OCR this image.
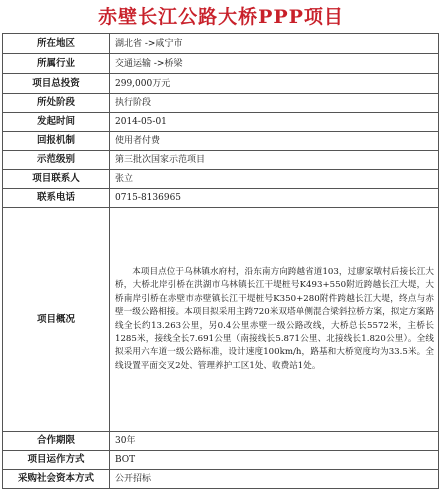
赤壁长江公路大桥PPP项目
所在地区	湖北省 ->咸宁市
所属行业	交通运输 ->桥梁
项目总投资	299,000万元
所处阶段	执行阶段
发起时间	2014-05-01
回报机制	使用者付费
示范级别	第三批次国家示范项目
项目联系人	张立
联系电话	0715-8136965
项目概况	本项目点位于乌林镇水府村，沿东南方向跨越省道103，过廖家墩村后接长江大桥，大桥北岸引桥在洪湖市乌林镇长江干堤桩号K493+550附近跨越长江大堤，大桥南岸引桥在赤壁市赤壁镇长江干堤桩号K350+280附件跨越长江大堤，终点与赤壁一级公路相接。本项目拟采用主跨720米双塔单侧混合梁斜拉桥方案，拟定方案路线全长约13.263公里，另0.4公里赤壁一级公路改线，大桥总长5572米，主桥长1285米，接线全长7.691公里（南接线长5.871公里、北接线长1.820公里）。全线拟采用六车道一级公路标准，设计速度100km/h，路基和大桥宽度均为33.5米。全线设置平面交叉2处、管理养护工区1处、收费站1处。
合作期限	30年
项目运作方式	BOT
采购社会资本方式	公开招标
